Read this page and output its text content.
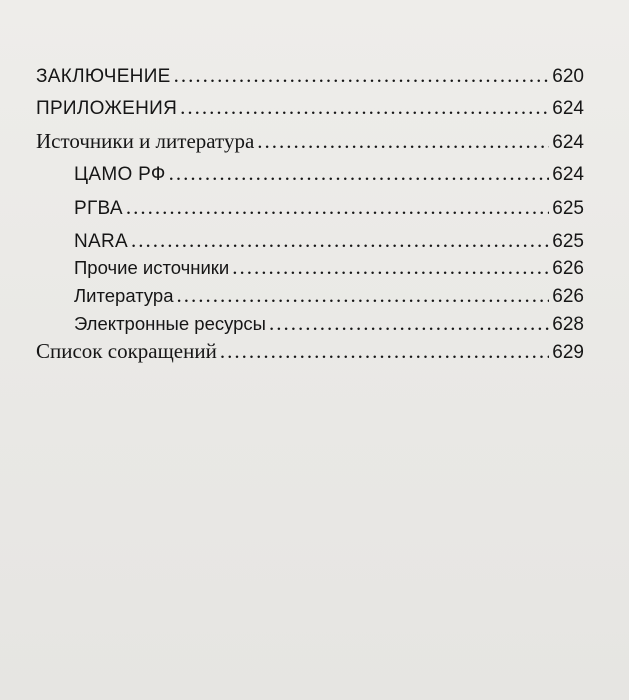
ЗАКЛЮЧЕНИЕ .....	620
ПРИЛОЖЕНИЯ .....	624
Источники и литература .....	624
ЦАМО РФ .....	624
РГВА .....	625
NARA .....	625
Прочие источники .....	626
Литература .....	626
Электронные ресурсы .....	628
Список сокращений .....	629
